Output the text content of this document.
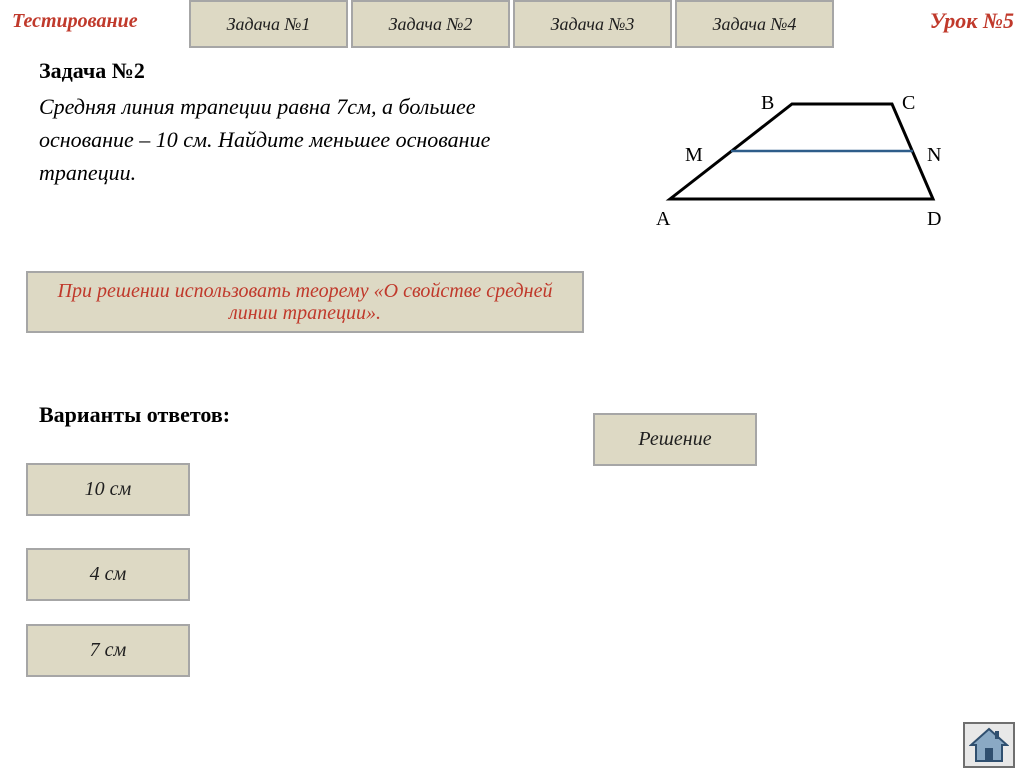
Тестирование	Урок №5
Задача №1	Задача №2	Задача №3	Задача №4
Задача №2
Средняя линия трапеции равна 7см, а большее основание – 10 см. Найдите меньшее основание трапеции.
B	C
M	N
A	D
При решении использовать теорему «О свойстве средней линии трапеции».
Варианты ответов:
Решение
10 см
4 см
7 см
